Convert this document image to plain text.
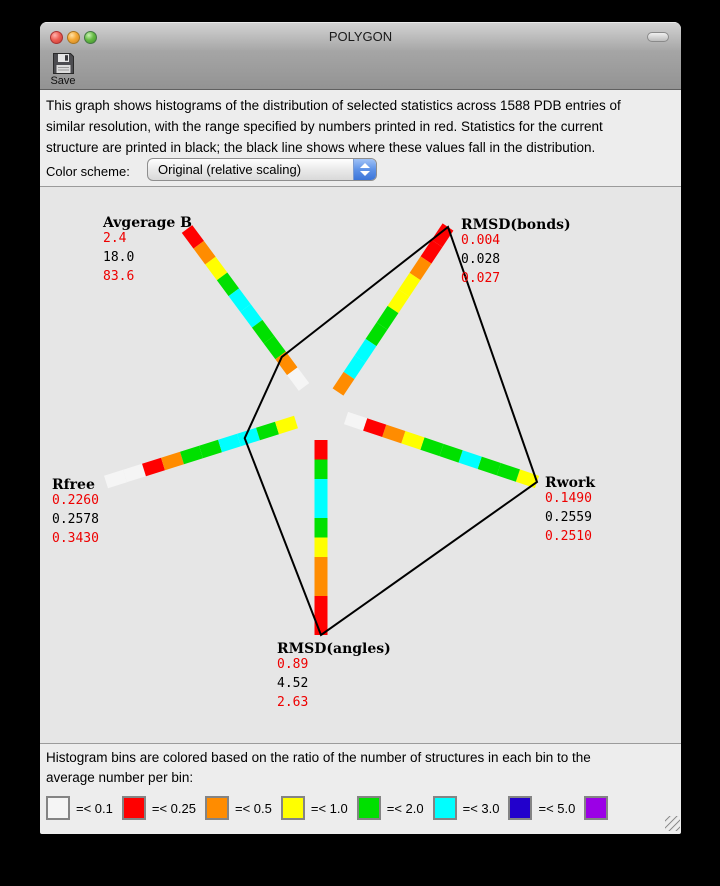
POLYGON
Save
This graph shows histograms of the distribution of selected statistics across 1588 PDB entries of
similar resolution, with the range specified by numbers printed in red. Statistics for the current
structure are printed in black; the black line shows where these values fall in the distribution.
Color scheme: Original (relative scaling)
Avgerage B
2.4
18.0
83.6
RMSD(bonds)
0.004
0.028
0.027
Rwork
0.1490
0.2559
0.2510
RMSD(angles)
0.89
4.52
2.63
Rfree
0.2260
0.2578
0.3430
Histogram bins are colored based on the ratio of the number of structures in each bin to the
average number per bin:
=< 0.1	=< 0.25	=< 0.5	=< 1.0	=< 2.0	=< 3.0	=< 5.0
